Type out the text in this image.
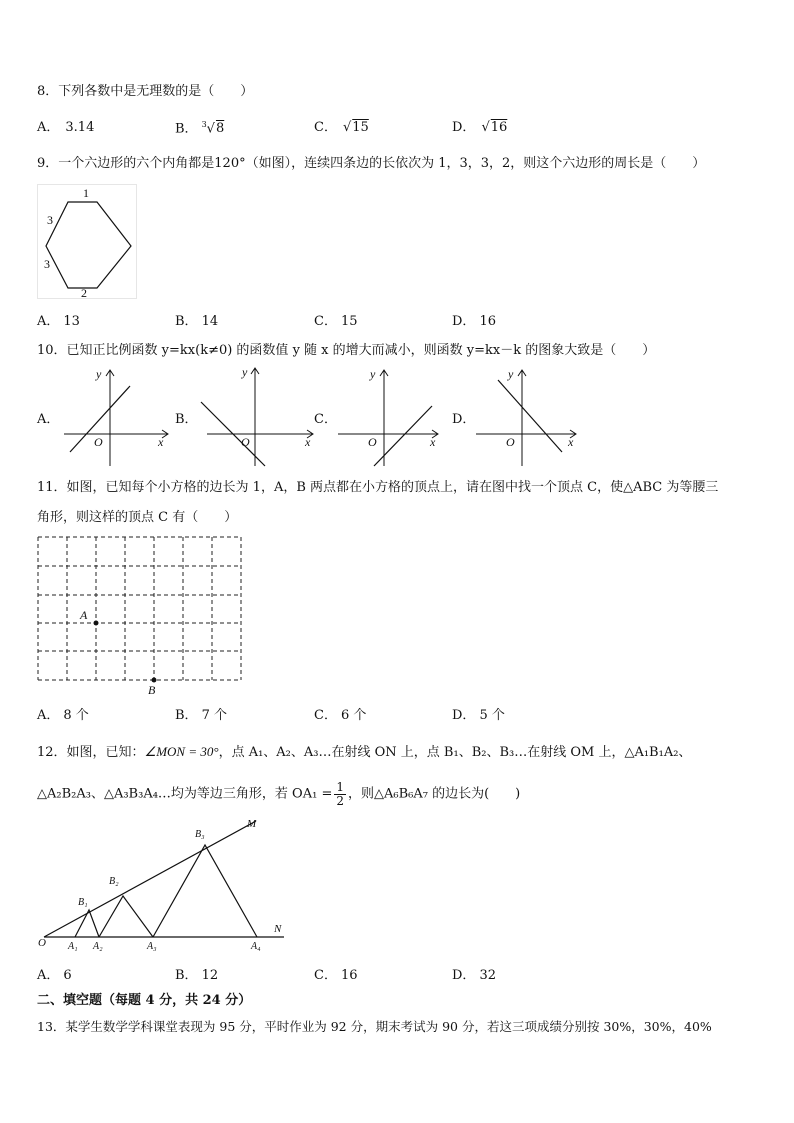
8．下列各数中是无理数的是（　　）
A． 3.14	B． $^3$√8	C． √15	D． √16
9．一个六边形的六个内角都是120°（如图），连续四条边的长依次为 1，3，3，2，则这个六边形的周长是（　　）
1
3
3
2
A． 13	B． 14	C． 15	D． 16
10．已知正比例函数 y=kx(k≠0) 的函数值 y 随 x 的增大而减小，则函数 y=kx－k 的图象大致是（　　）
A．
x
y
O
B．
x
y
O
C．
x
y
O
D．
x
y
O
11．如图，已知每个小方格的边长为 1，A，B 两点都在小方格的顶点上，请在图中找一个顶点 C，使△ABC 为等腰三
角形，则这样的顶点 C 有（　　）
A
B
A． 8 个	B． 7 个	C． 6 个	D． 5 个
12．如图，已知：∠MON = 30°，点 A₁、A₂、A₃…在射线 ON 上，点 B₁、B₂、B₃…在射线 OM 上，△A₁B₁A₂、
△A₂B₂A₃、△A₃B₃A₄…均为等边三角形，若 $OA_1 = \frac{1}{2}$ ，则△A₆B₆A₇ 的边长为(　　)
O
M
N
A₁ A₂	A₃	A₄
B₁
B₂
B₃
A． 6	B． 12	C． 16	D． 32
二、填空题（每题 4 分，共 24 分）
13．某学生数学学科课堂表现为 95 分，平时作业为 92 分，期末考试为 90 分，若这三项成绩分别按 30%，30%，40%
